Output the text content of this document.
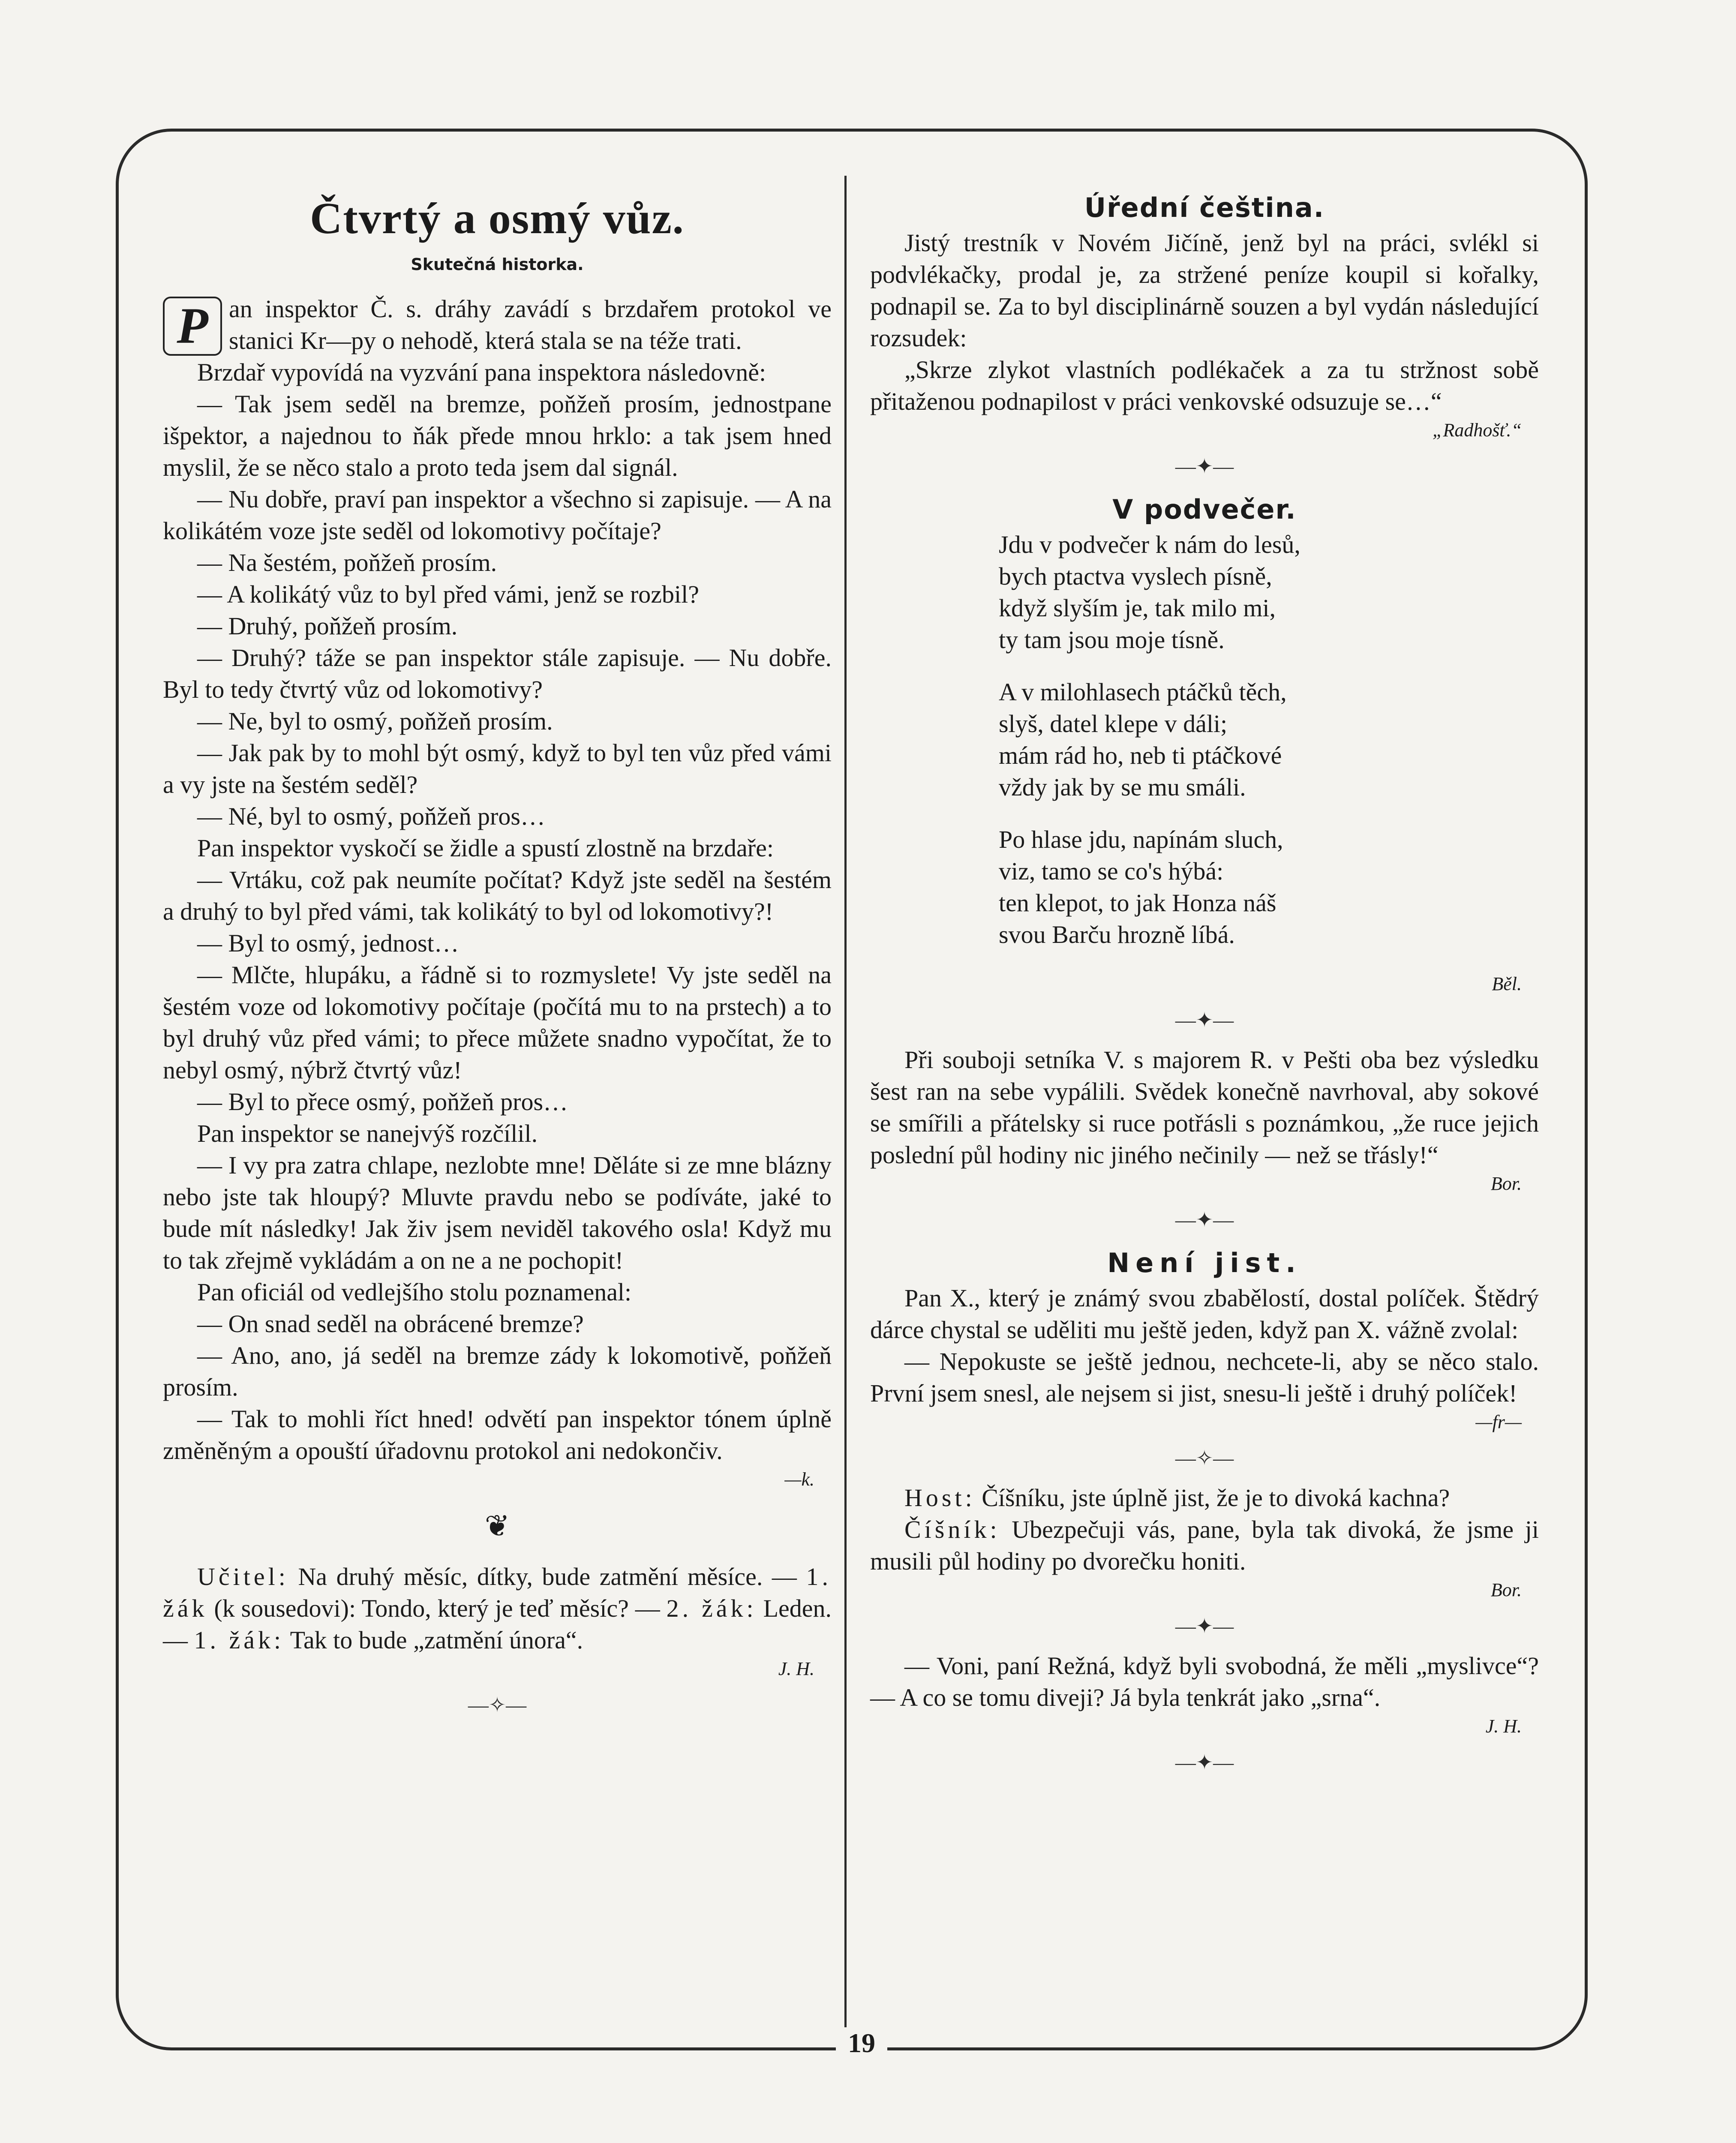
Čtvrtý a osmý vůz.
Skutečná historka.

P an inspektor Č. s. dráhy zavádí s brzdařem protokol ve stanici Kr—py o nehodě, která stala se na téže trati.

Brzdař vypovídá na vyzvání pana inspektora následovně:

— Tak jsem seděl na bremze, poňžeň prosím, jednostpane išpektor, a najednou to ňák přede mnou hrklo: a tak jsem hned myslil, že se něco stalo a proto teda jsem dal signál.

— Nu dobře, praví pan inspektor a všechno si zapisuje. — A na kolikátém voze jste seděl od lokomotivy počítaje?

— Na šestém, poňžeň prosím.

— A kolikátý vůz to byl před vámi, jenž se rozbil?

— Druhý, poňžeň prosím.

— Druhý? táže se pan inspektor stále zapisuje. — Nu dobře. Byl to tedy čtvrtý vůz od lokomotivy?

— Ne, byl to osmý, poňžeň prosím.

— Jak pak by to mohl být osmý, když to byl ten vůz před vámi a vy jste na šestém seděl?

— Né, byl to osmý, poňžeň pros…

Pan inspektor vyskočí se židle a spustí zlostně na brzdaře:

— Vrtáku, což pak neumíte počítat? Když jste seděl na šestém a druhý to byl před vámi, tak kolikátý to byl od lokomotivy?!

— Byl to osmý, jednost…

— Mlčte, hlupáku, a řádně si to rozmyslete! Vy jste seděl na šestém voze od lokomotivy počítaje (počítá mu to na prstech) a to byl druhý vůz před vámi; to přece můžete snadno vypočítat, že to nebyl osmý, nýbrž čtvrtý vůz!

— Byl to přece osmý, poňžeň pros…

Pan inspektor se nanejvýš rozčílil.

— I vy pra zatra chlape, nezlobte mne! Děláte si ze mne blázny nebo jste tak hloupý? Mluvte pravdu nebo se podíváte, jaké to bude mít následky! Jak živ jsem neviděl takového osla! Když mu to tak zřejmě vykládám a on ne a ne pochopit!

Pan oficiál od vedlejšího stolu poznamenal:

— On snad seděl na obrácené bremze?

— Ano, ano, já seděl na bremze zády k lokomotivě, poňžeň prosím.

— Tak to mohli říct hned! odvětí pan inspektor tónem úplně změněným a opouští úřadovnu protokol ani nedokončiv.

—k.
❦

Učitel: Na druhý měsíc, dítky, bude zatmění měsíce. — 1. žák (k sousedovi): Tondo, který je teď měsíc? — 2. žák: Leden. — 1. žák: Tak to bude „zatmění února“.

J. H.
—✧—
Úřední čeština.

Jistý trestník v Novém Jičíně, jenž byl na práci, svlékl si podvlékačky, prodal je, za stržené peníze koupil si kořalky, podnapil se. Za to byl disciplinárně souzen a byl vydán následující rozsudek:

„Skrze zlykot vlastních podlékaček a za tu stržnost sobě přitaženou podnapilost v práci venkovské odsuzuje se…“

„Radhošť.“
—✦—
V podvečer.
Jdu v podvečer k nám do lesů,
bych ptactva vyslech písně,
když slyším je, tak milo mi,
ty tam jsou moje tísně.
A v milohlasech ptáčků těch,
slyš, datel klepe v dáli;
mám rád ho, neb ti ptáčkové
vždy jak by se mu smáli.
Po hlase jdu, napínám sluch,
viz, tamo se co's hýbá:
ten klepot, to jak Honza náš
svou Barču hrozně líbá.
Běl.
—✦—

Při souboji setníka V. s majorem R. v Pešti oba bez výsledku šest ran na sebe vypálili. Svědek konečně navrhoval, aby sokové se smířili a přátelsky si ruce potřásli s poznámkou, „že ruce jejich poslední půl hodiny nic jiného nečinily — než se třásly!“

Bor.
—✦—
Není jist.

Pan X., který je známý svou zbabělostí, dostal políček. Štědrý dárce chystal se uděliti mu ještě jeden, když pan X. vážně zvolal:

— Nepokuste se ještě jednou, nechcete-li, aby se něco stalo. První jsem snesl, ale nejsem si jist, snesu-li ještě i druhý políček!

—fr—
—✧—

Host: Číšníku, jste úplně jist, že je to divoká kachna?

Číšník: Ubezpečuji vás, pane, byla tak divoká, že jsme ji musili půl hodiny po dvorečku honiti.

Bor.
—✦—

— Voni, paní Režná, když byli svobodná, že měli „myslivce“? — A co se tomu diveji? Já byla tenkrát jako „srna“.

J. H.
—✦—
19
